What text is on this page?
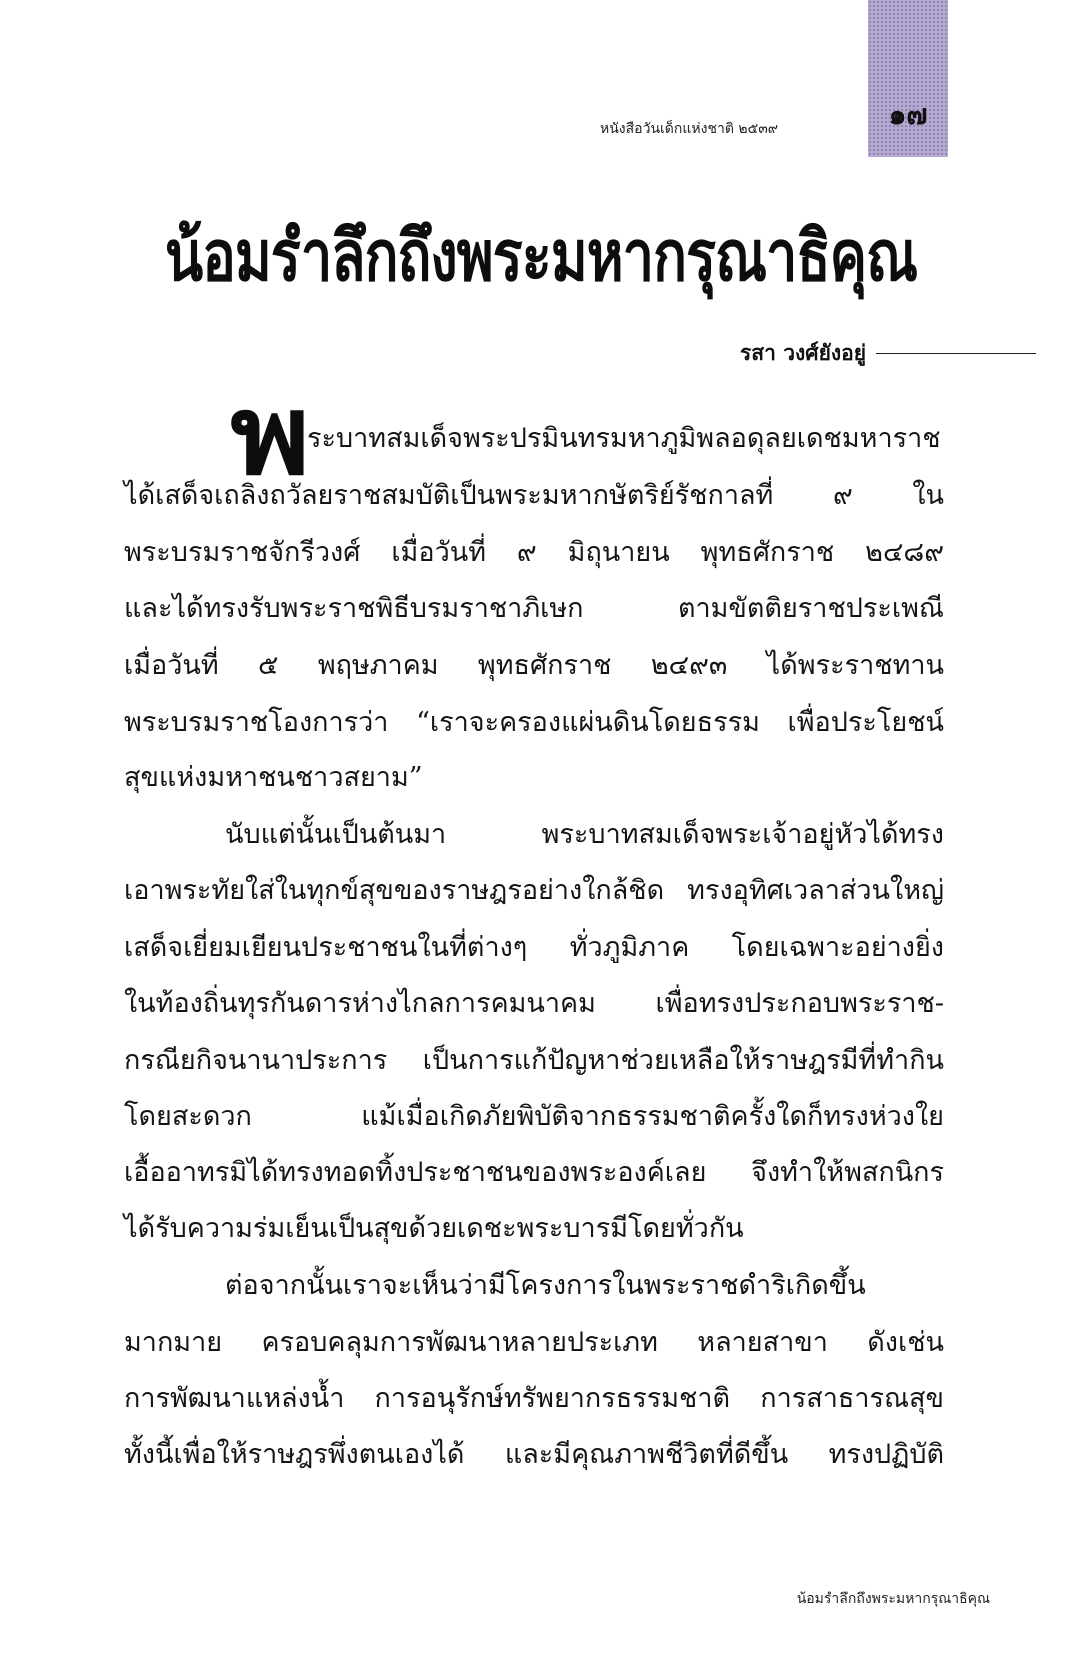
หนังสือวันเด็กแห่งชาติ ๒๕๓๙	๑๗
น้อมรำลึกถึงพระมหากรุณาธิคุณ
รสา วงศ์ยังอยู่
พ
ระบาทสมเด็จพระปรมินทรมหาภูมิพลอดุลยเดชมหาราช
ได้เสด็จเถลิงถวัลยราชสมบัติเป็นพระมหากษัตริย์รัชกาลที่ ๙ ใน
พระบรมราชจักรีวงศ์ เมื่อวันที่ ๙ มิถุนายน พุทธศักราช ๒๔๘๙
และได้ทรงรับพระราชพิธีบรมราชาภิเษก ตามขัตติยราชประเพณี
เมื่อวันที่ ๕ พฤษภาคม พุทธศักราช ๒๔๙๓ ได้พระราชทาน
พระบรมราชโองการว่า “เราจะครองแผ่นดินโดยธรรม เพื่อประโยชน์
สุขแห่งมหาชนชาวสยาม”
นับแต่นั้นเป็นต้นมา พระบาทสมเด็จพระเจ้าอยู่หัวได้ทรง
เอาพระทัยใส่ในทุกข์สุขของราษฎรอย่างใกล้ชิด ทรงอุทิศเวลาส่วนใหญ่
เสด็จเยี่ยมเยียนประชาชนในที่ต่างๆ ทั่วภูมิภาค โดยเฉพาะอย่างยิ่ง
ในท้องถิ่นทุรกันดารห่างไกลการคมนาคม เพื่อทรงประกอบพระราช-
กรณียกิจนานาประการ เป็นการแก้ปัญหาช่วยเหลือให้ราษฎรมีที่ทำกิน
โดยสะดวก แม้เมื่อเกิดภัยพิบัติจากธรรมชาติครั้งใดก็ทรงห่วงใย
เอื้ออาทรมิได้ทรงทอดทิ้งประชาชนของพระองค์เลย จึงทำให้พสกนิกร
ได้รับความร่มเย็นเป็นสุขด้วยเดชะพระบารมีโดยทั่วกัน
ต่อจากนั้นเราจะเห็นว่ามีโครงการในพระราชดำริเกิดขึ้น
มากมาย ครอบคลุมการพัฒนาหลายประเภท หลายสาขา ดังเช่น
การพัฒนาแหล่งน้ำ การอนุรักษ์ทรัพยากรธรรมชาติ การสาธารณสุข
ทั้งนี้เพื่อให้ราษฎรพึ่งตนเองได้ และมีคุณภาพชีวิตที่ดีขึ้น ทรงปฏิบัติ
น้อมรำลึกถึงพระมหากรุณาธิคุณ
